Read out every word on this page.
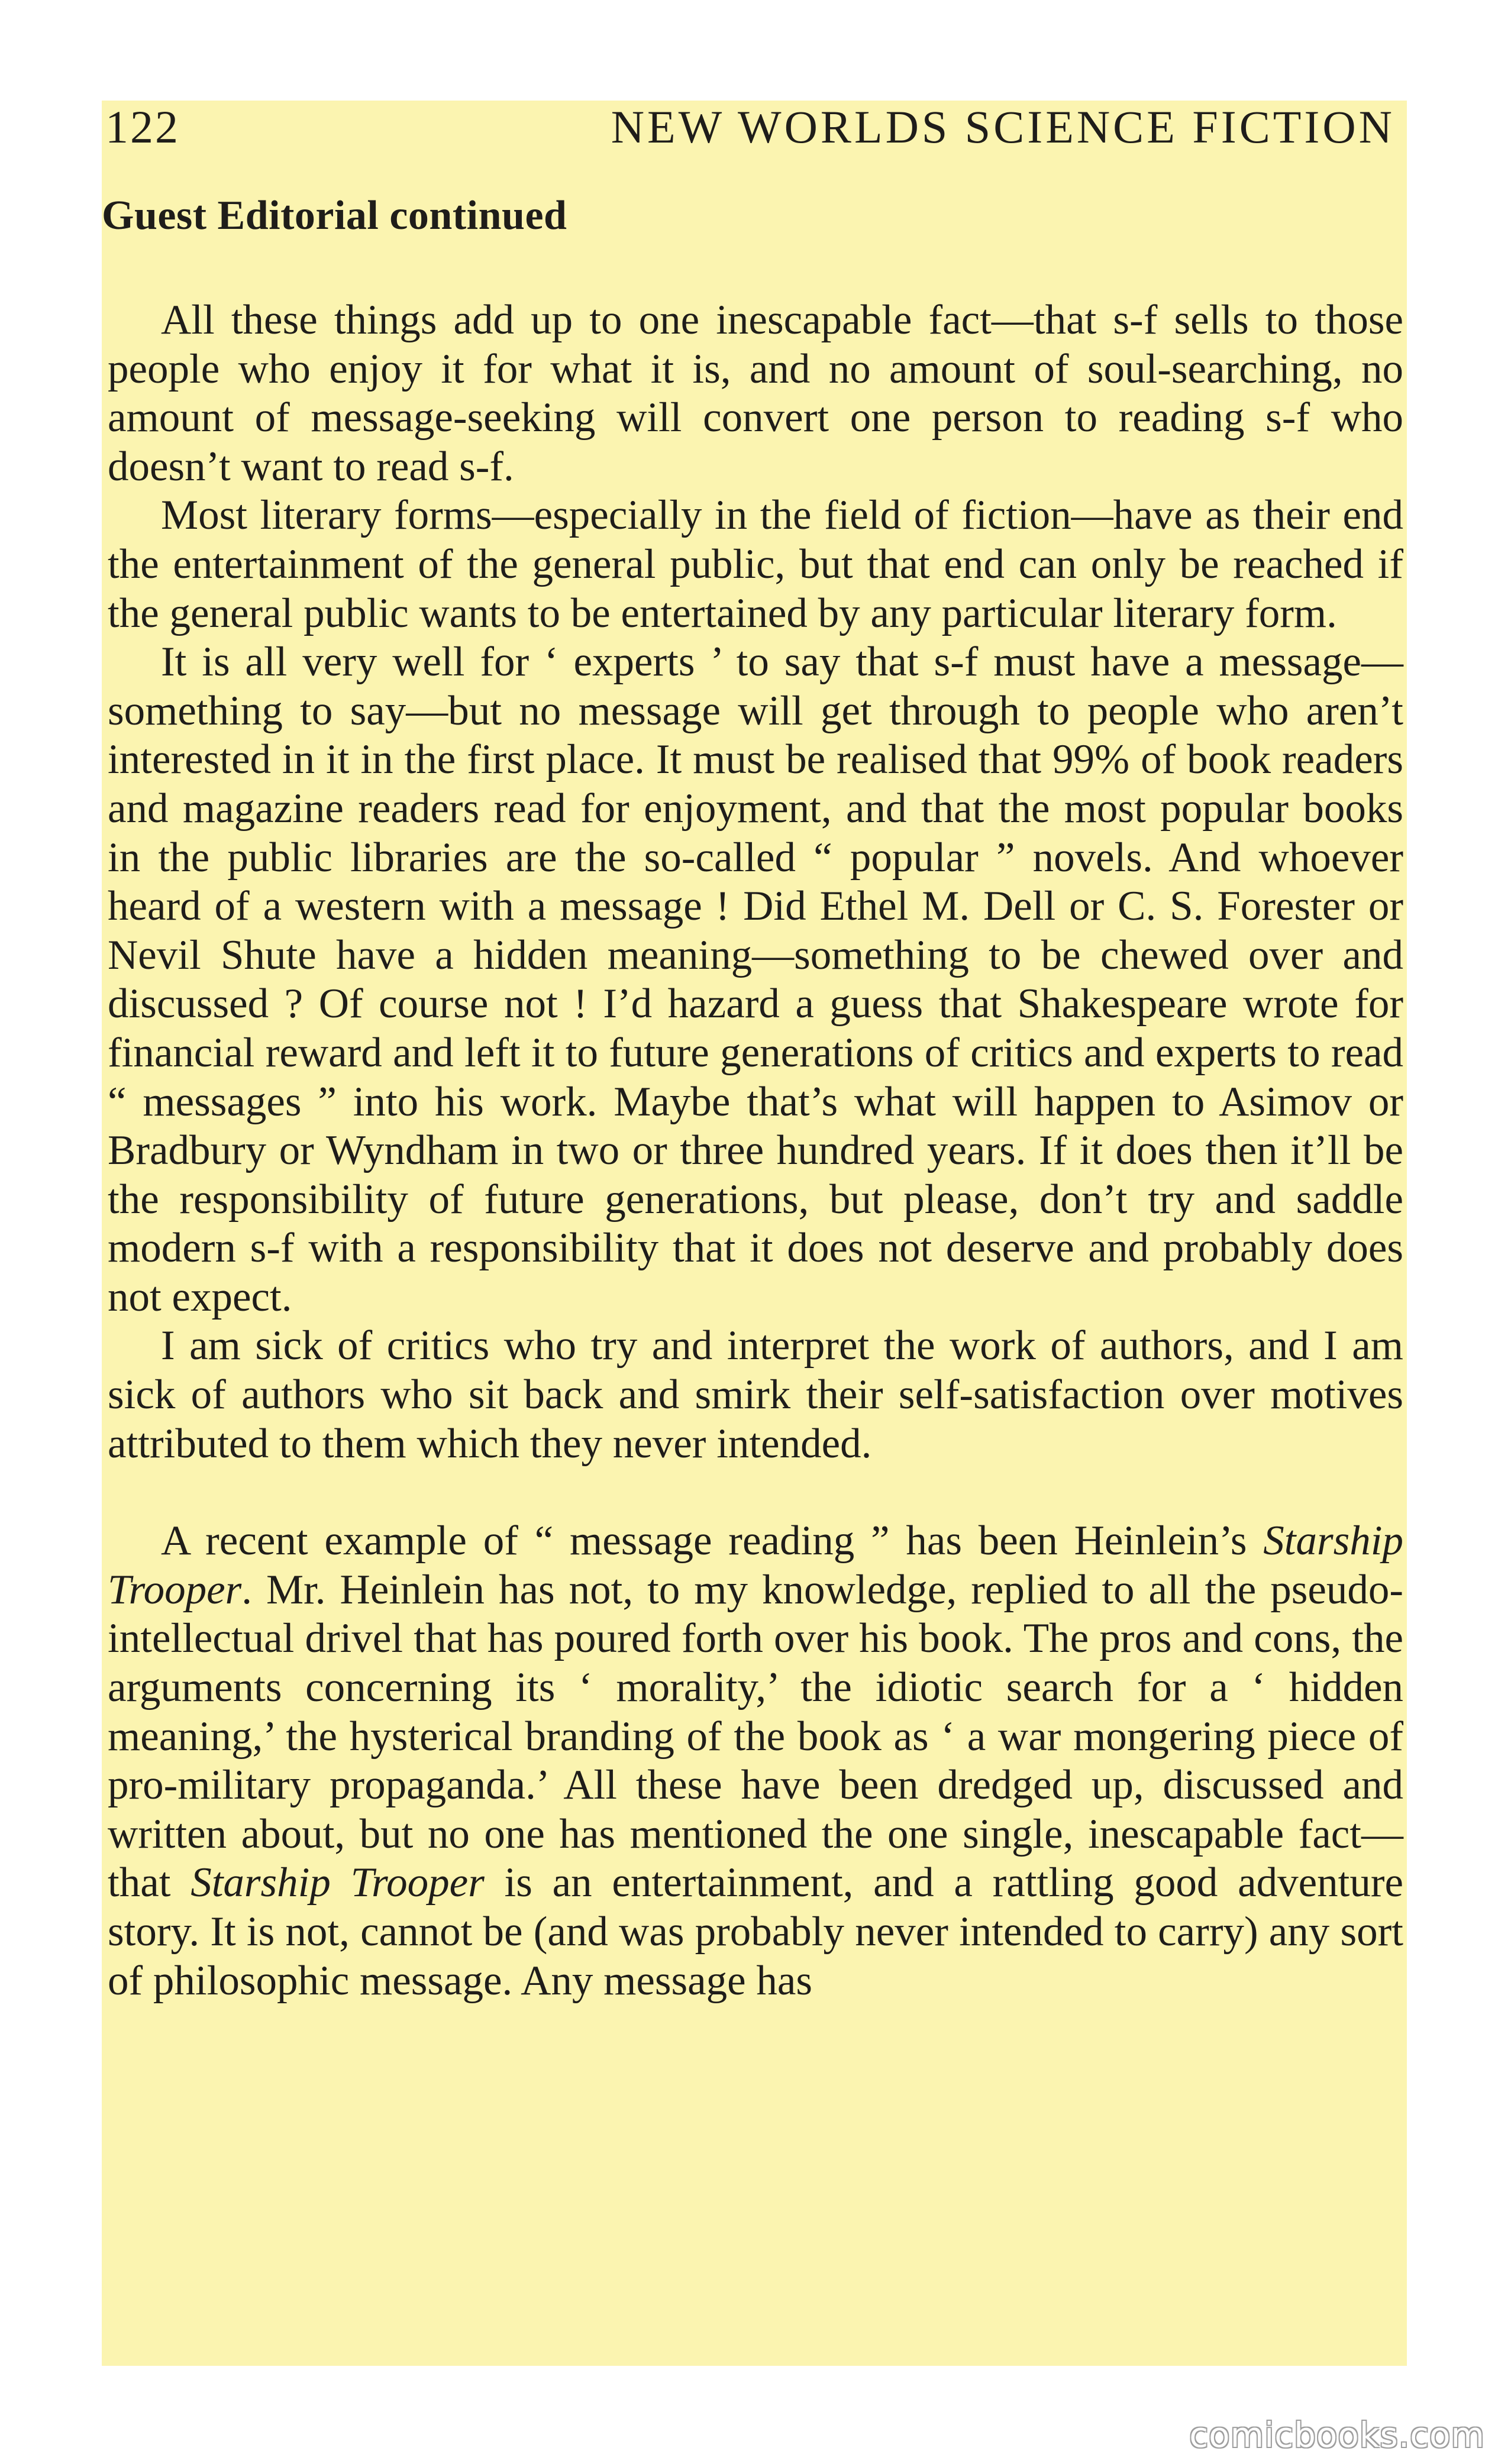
122	NEW WORLDS SCIENCE FICTION
Guest Editorial continued

All these things add up to one inescapable fact—that s-f sells to those people who enjoy it for what it is, and no amount of soul-searching, no amount of message-seeking will convert one person to reading s-f who doesn’t want to read s-f.

Most literary forms—especially in the field of fiction—have as their end the entertainment of the general public, but that end can only be reached if the general public wants to be entertained by any particular literary form.

It is all very well for ‘ experts ’ to say that s-f must have a message—something to say—but no message will get through to people who aren’t interested in it in the first place. It must be realised that 99% of book readers and magazine readers read for enjoyment, and that the most popular books in the public libraries are the so-called “ popular ” novels. And whoever heard of a western with a message ! Did Ethel M. Dell or C. S. Forester or Nevil Shute have a hidden meaning—something to be chewed over and discussed ? Of course not ! I’d hazard a guess that Shakespeare wrote for financial reward and left it to future generations of critics and experts to read “ messages ” into his work. Maybe that’s what will happen to Asimov or Bradbury or Wyndham in two or three hundred years. If it does then it’ll be the responsibility of future generations, but please, don’t try and saddle modern s-f with a responsibility that it does not deserve and probably does not expect.

I am sick of critics who try and interpret the work of authors, and I am sick of authors who sit back and smirk their self-satisfaction over motives attributed to them which they never intended.

A recent example of “ message reading ” has been Heinlein’s Starship Trooper. Mr. Heinlein has not, to my knowledge, replied to all the pseudo-intellectual drivel that has poured forth over his book. The pros and cons, the arguments concerning its ‘ morality,’ the idiotic search for a ‘ hidden meaning,’ the hysterical branding of the book as ‘ a war mongering piece of pro-military propaganda.’ All these have been dredged up, discussed and written about, but no one has mentioned the one single, inescapable fact—that Starship Trooper is an entertainment, and a rattling good adventure story. It is not, cannot be (and was probably never intended to carry) any sort of philosophic message. Any message has

comicbooks.com
